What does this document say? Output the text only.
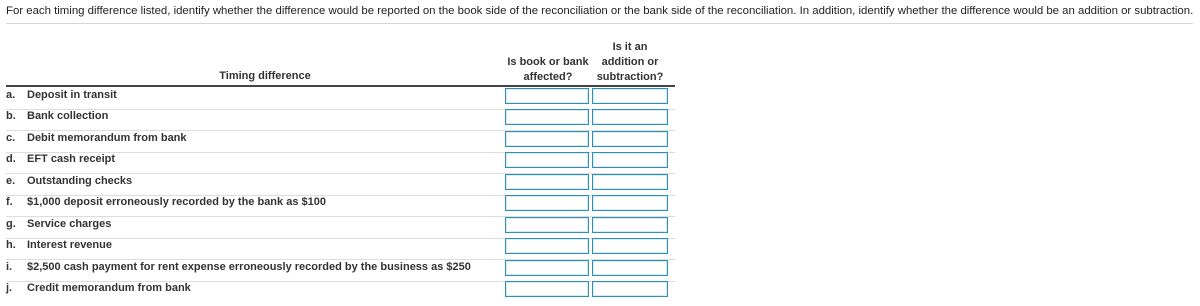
For each timing difference listed, identify whether the difference would be reported on the book side of the reconciliation or the bank side of the reconciliation. In addition, identify whether the difference would be an addition or subtraction.
Timing difference
Is book or bank
affected?
Is it an
addition or
subtraction?
a. Deposit in transit
b. Bank collection
c. Debit memorandum from bank
d. EFT cash receipt
e. Outstanding checks
f. $1,000 deposit erroneously recorded by the bank as $100
g. Service charges
h. Interest revenue
i. $2,500 cash payment for rent expense erroneously recorded by the business as $250
j. Credit memorandum from bank
